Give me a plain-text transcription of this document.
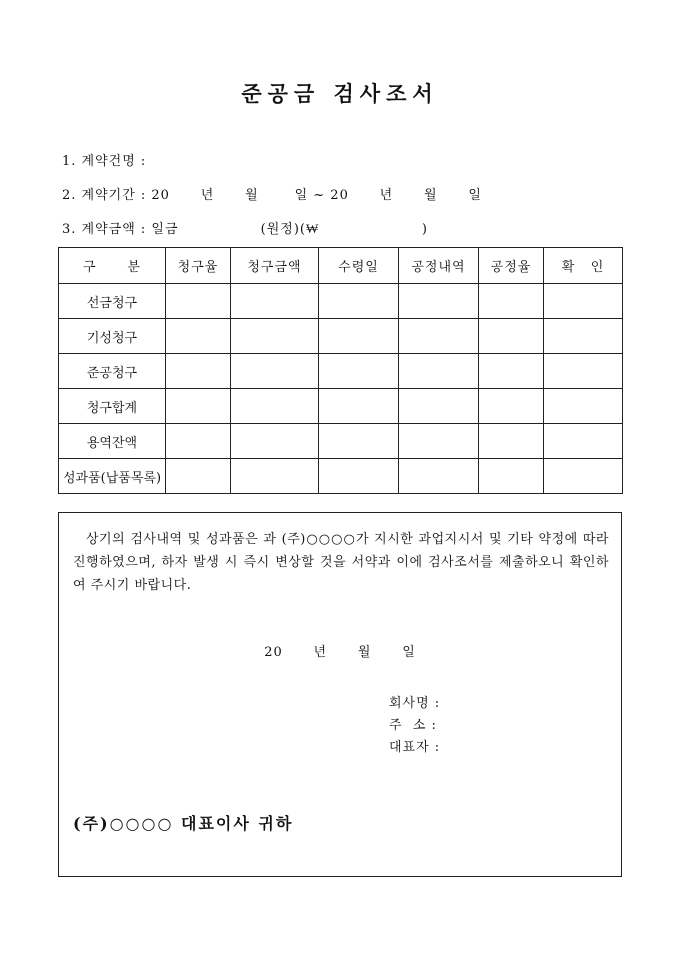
준공금 검사조서
1. 계약건명 :
2. 계약기간 : 20      년      월       일 ~ 20      년      월      일
3. 계약금액 : 일금                (원정)(₩                    )
구      분	청구율	청구금액	수령일	공정내역	공정율	확   인
선금청구						
기성청구						
준공청구						
청구합계						
용역잔액						
성과품(납품목록)						
상기의 검사내역 및 성과품은 과 (주)○○○○가 지시한 과업지시서 및 기타 약정에 따라 진행하였으며, 하자 발생 시 즉시 변상할 것을 서약과 이에 검사조서를 제출하오니 확인하여 주시기 바랍니다.
20      년      월      일
회사명 :
주  소 :
대표자 :
(주)○○○○ 대표이사 귀하
